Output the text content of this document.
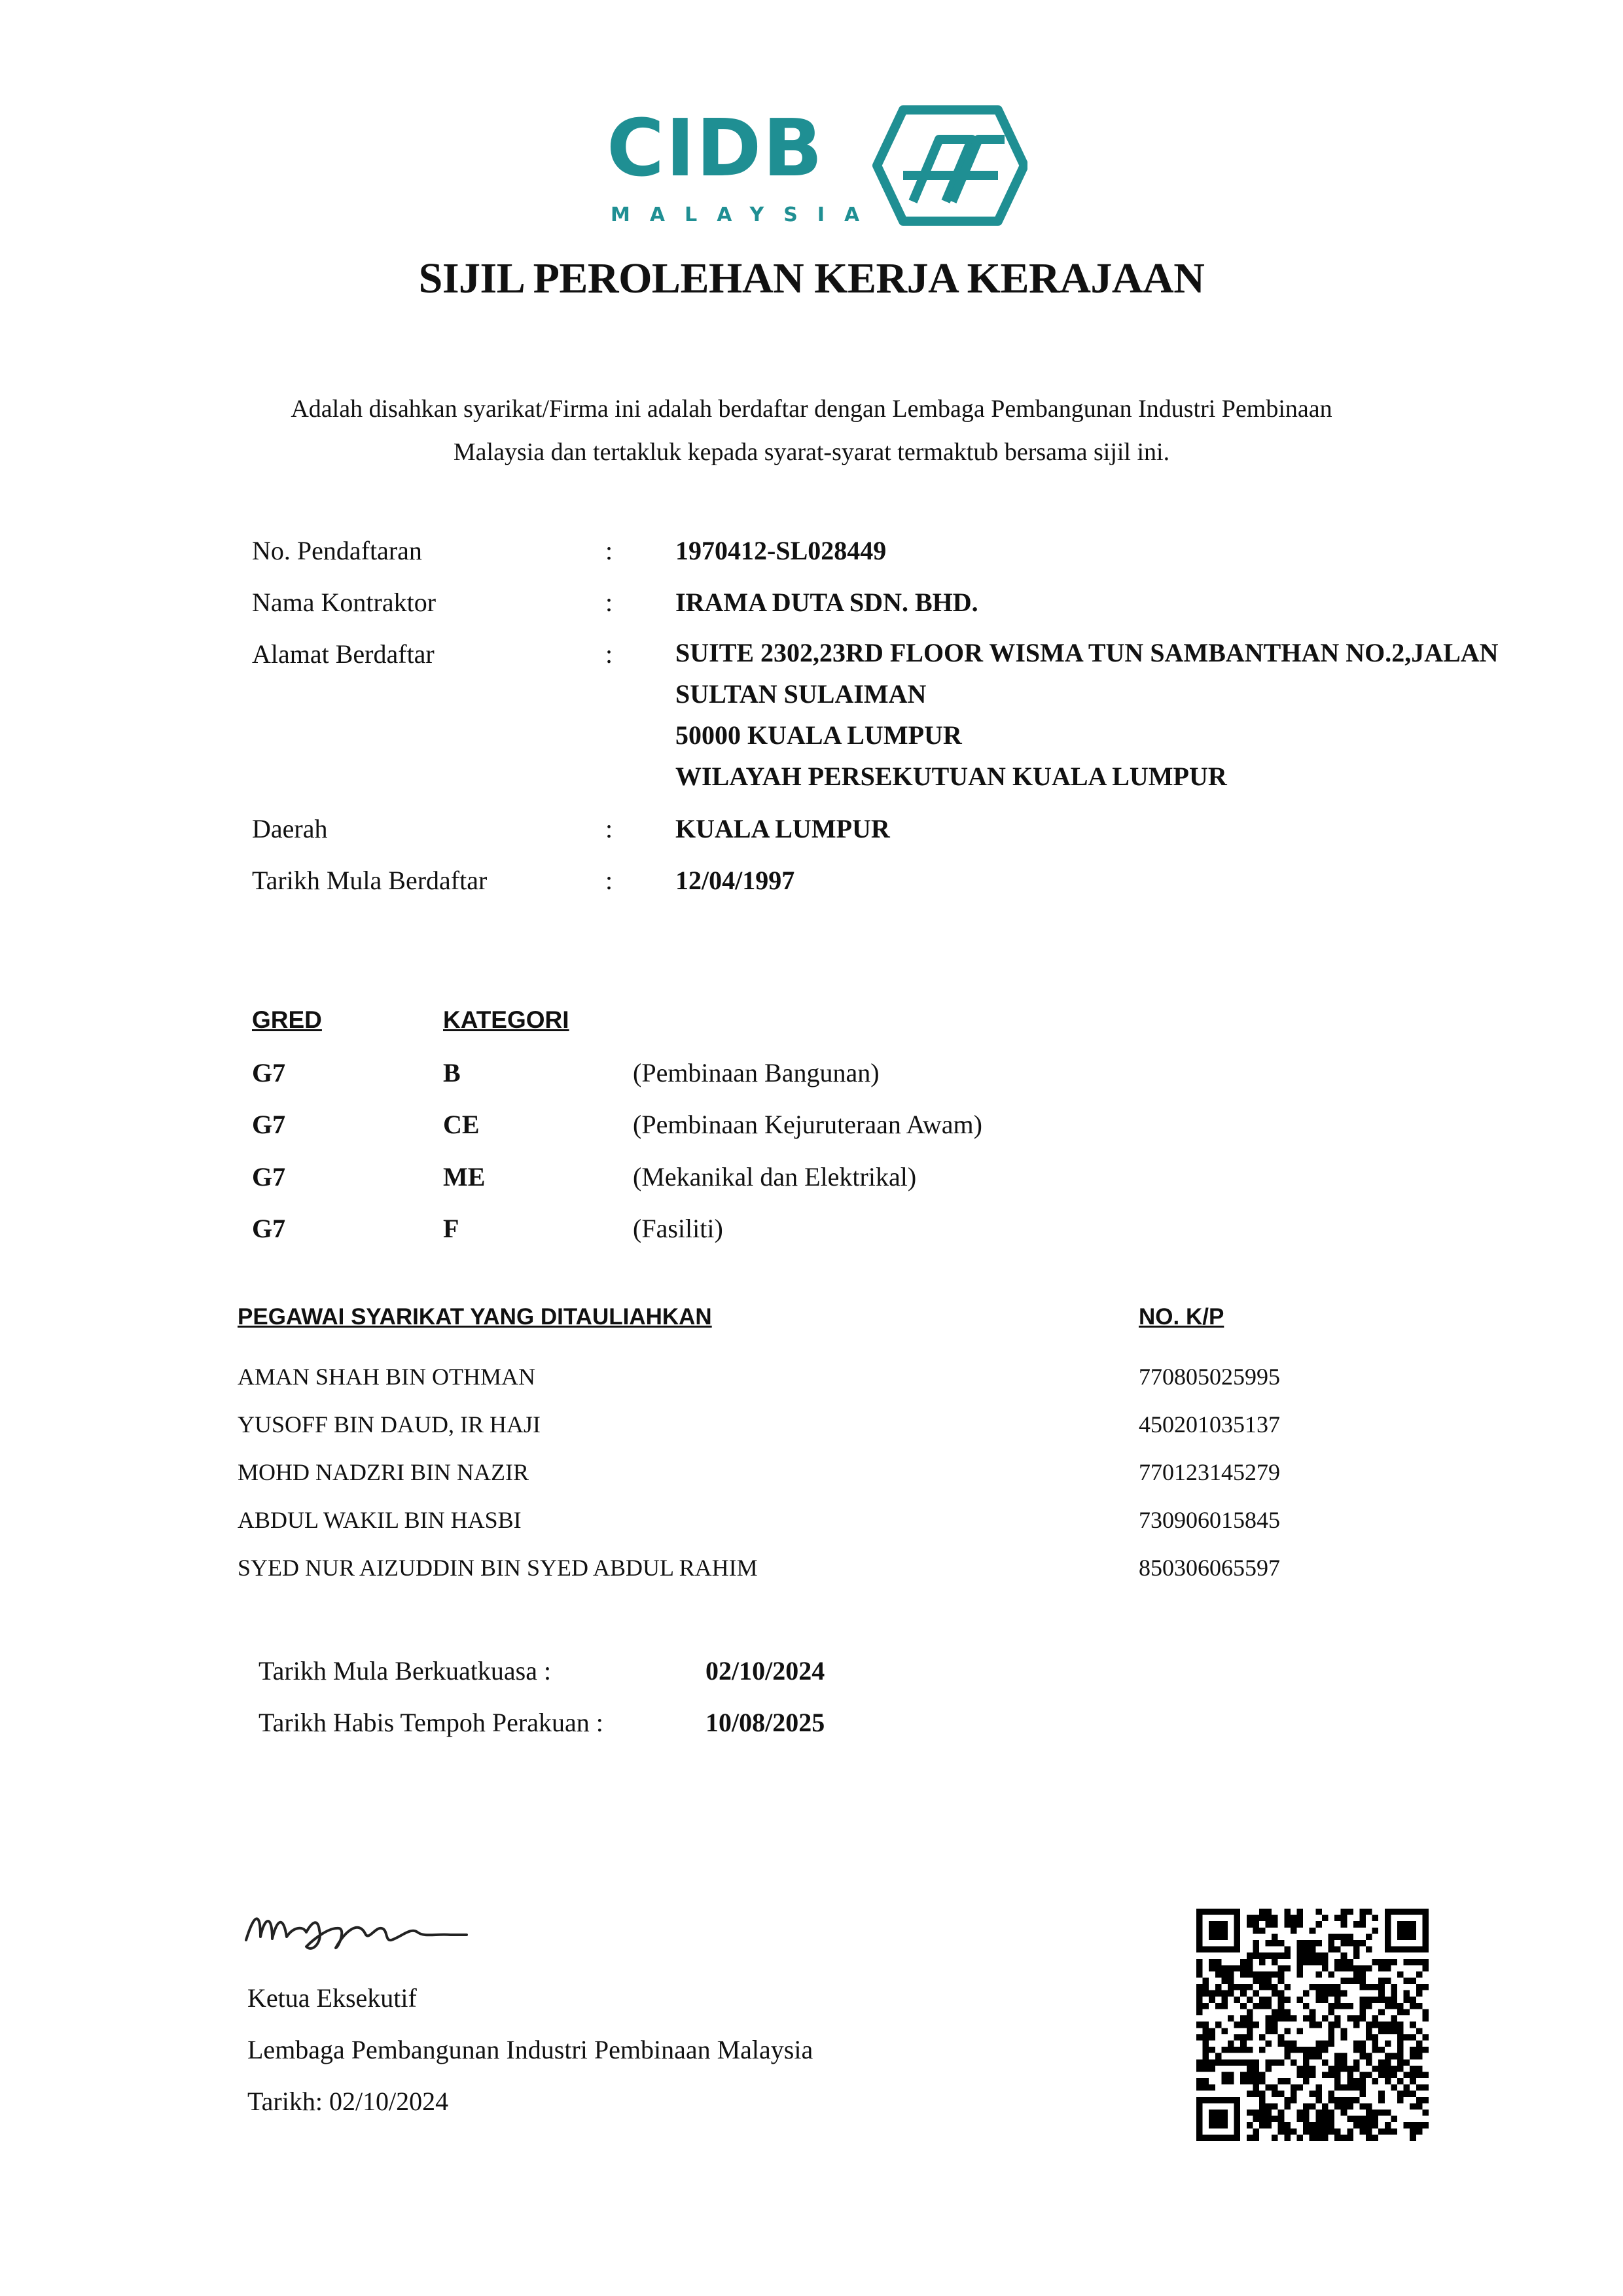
CIDB
MALAYSIA
SIJIL PEROLEHAN KERJA KERAJAAN
Adalah disahkan syarikat/Firma ini adalah berdaftar dengan Lembaga Pembangunan Industri Pembinaan
Malaysia dan tertakluk kepada syarat-syarat termaktub bersama sijil ini.
No. Pendaftaran	: 1970412-SL028449
Nama Kontraktor	: IRAMA DUTA SDN. BHD.
Alamat Berdaftar	: SUITE 2302,23RD FLOOR WISMA TUN SAMBANTHAN NO.2,JALAN
SULTAN SULAIMAN
50000 KUALA LUMPUR
WILAYAH PERSEKUTUAN KUALA LUMPUR
Daerah	: KUALA LUMPUR
Tarikh Mula Berdaftar	: 12/04/1997
GRED	KATEGORI
G7	B	(Pembinaan Bangunan)
G7	CE	(Pembinaan Kejuruteraan Awam)
G7	ME	(Mekanikal dan Elektrikal)
G7	F	(Fasiliti)
PEGAWAI SYARIKAT YANG DITAULIAHKAN	NO. K/P
AMAN SHAH BIN OTHMAN	770805025995
YUSOFF BIN DAUD, IR HAJI	450201035137
MOHD NADZRI BIN NAZIR	770123145279
ABDUL WAKIL BIN HASBI	730906015845
SYED NUR AIZUDDIN BIN SYED ABDUL RAHIM	850306065597
Tarikh Mula Berkuatkuasa :	02/10/2024
Tarikh Habis Tempoh Perakuan :	10/08/2025
Ketua Eksekutif
Lembaga Pembangunan Industri Pembinaan Malaysia
Tarikh: 02/10/2024
